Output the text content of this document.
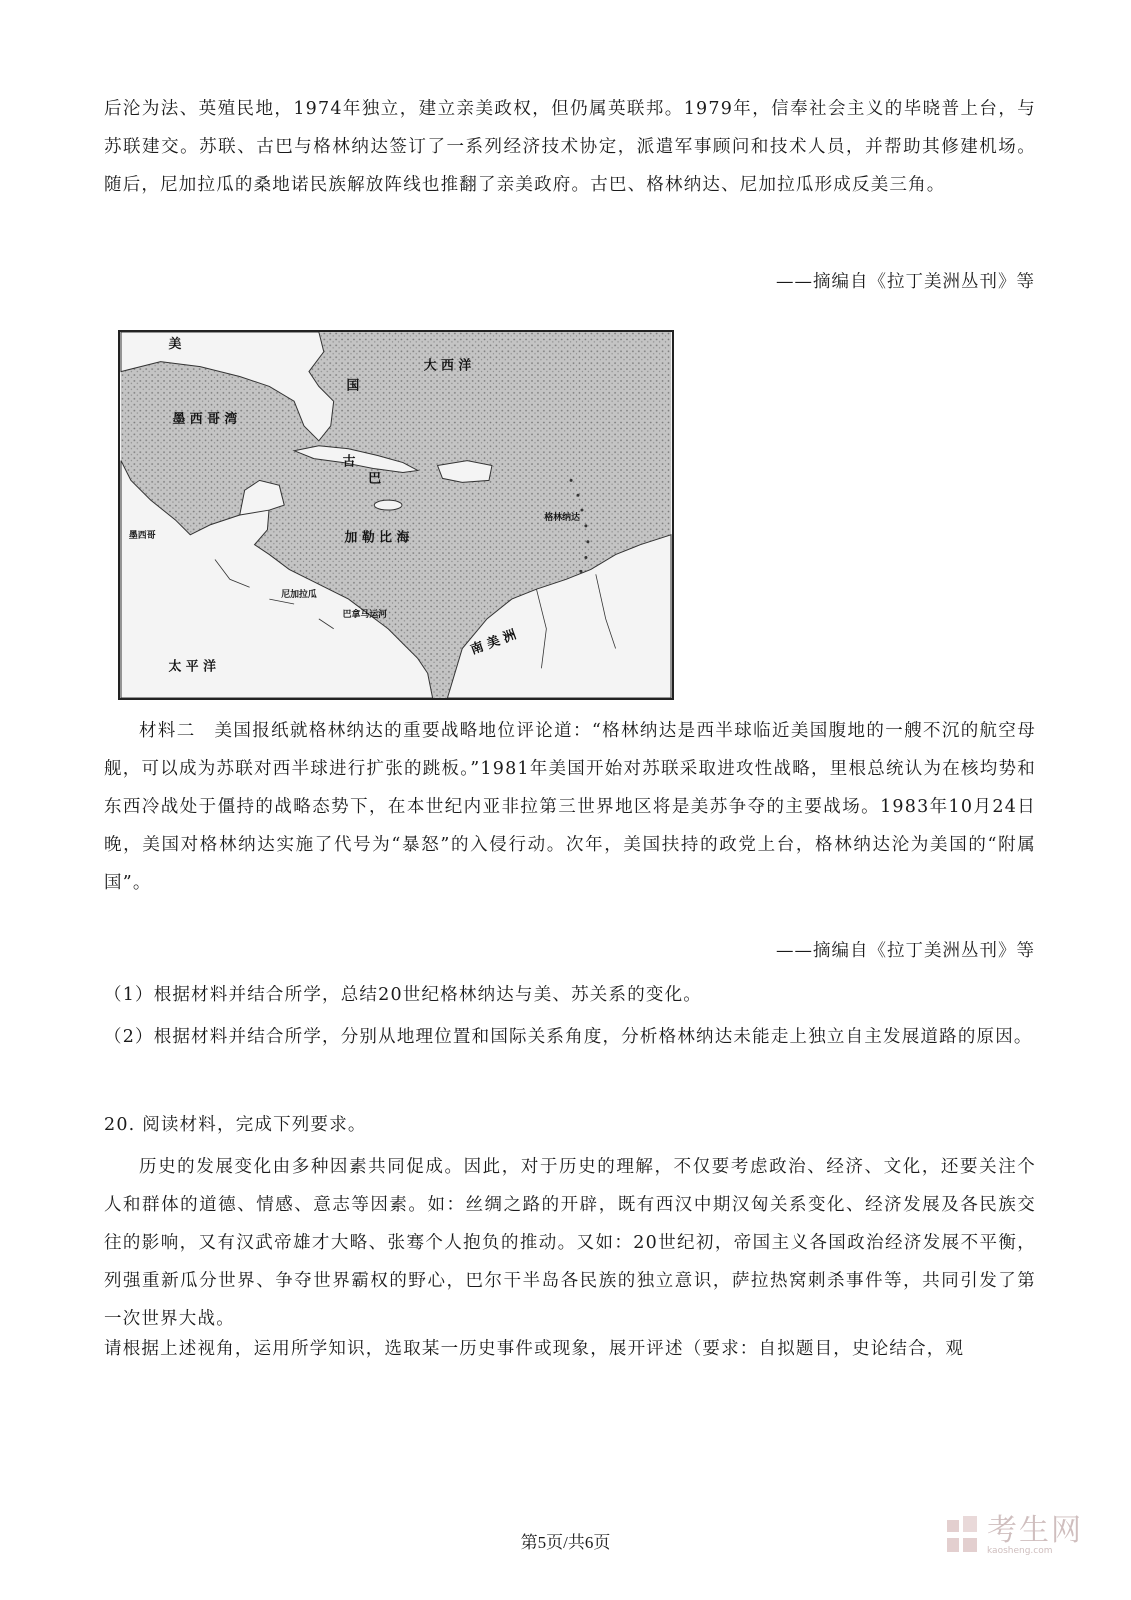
后沦为法、英殖民地，1974年独立，建立亲美政权，但仍属英联邦。1979年，信奉社会主义的毕晓普上台，与苏联建交。苏联、古巴与格林纳达签订了一系列经济技术协定，派遣军事顾问和技术人员，并帮助其修建机场。随后，尼加拉瓜的桑地诺民族解放阵线也推翻了亲美政府。古巴、格林纳达、尼加拉瓜形成反美三角。

——摘编自《拉丁美洲丛刊》等
美
国
大 西 洋
墨 西 哥 湾
古
巴
格林纳达
加 勒 比 海
墨西哥
尼加拉瓜
巴拿马运河
太 平 洋
南 美 洲

材料二　美国报纸就格林纳达的重要战略地位评论道：“格林纳达是西半球临近美国腹地的一艘不沉的航空母舰，可以成为苏联对西半球进行扩张的跳板。”1981年美国开始对苏联采取进攻性战略，里根总统认为在核均势和东西冷战处于僵持的战略态势下，在本世纪内亚非拉第三世界地区将是美苏争夺的主要战场。1983年10月24日晚，美国对格林纳达实施了代号为“暴怒”的入侵行动。次年，美国扶持的政党上台，格林纳达沦为美国的“附属国”。

——摘编自《拉丁美洲丛刊》等

（1）根据材料并结合所学，总结20世纪格林纳达与美、苏关系的变化。

（2）根据材料并结合所学，分别从地理位置和国际关系角度，分析格林纳达未能走上独立自主发展道路的原因。

20. 阅读材料，完成下列要求。

历史的发展变化由多种因素共同促成。因此，对于历史的理解，不仅要考虑政治、经济、文化，还要关注个人和群体的道德、情感、意志等因素。如：丝绸之路的开辟，既有西汉中期汉匈关系变化、经济发展及各民族交往的影响，又有汉武帝雄才大略、张骞个人抱负的推动。又如：20世纪初，帝国主义各国政治经济发展不平衡，列强重新瓜分世界、争夺世界霸权的野心，巴尔干半岛各民族的独立意识，萨拉热窝刺杀事件等，共同引发了第一次世界大战。

请根据上述视角，运用所学知识，选取某一历史事件或现象，展开评述（要求：自拟题目，史论结合，观

第5页/共6页	考生网
kaosheng.com
